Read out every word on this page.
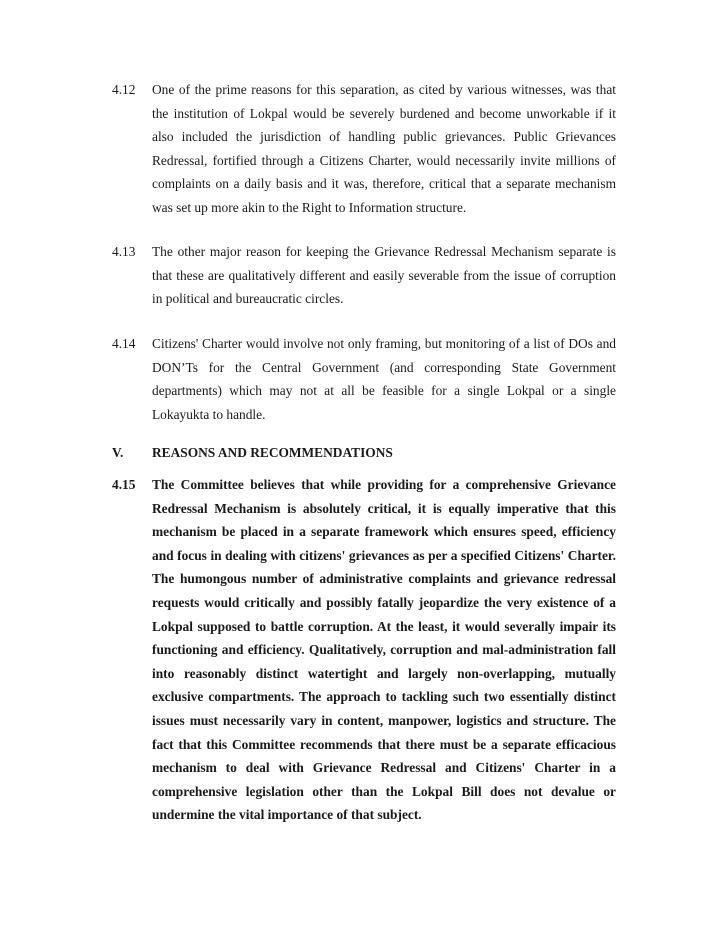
4.12 One of the prime reasons for this separation, as cited by various witnesses, was that
the institution of Lokpal would be severely burdened and become unworkable if it
also included the jurisdiction of handling public grievances. Public Grievances
Redressal, fortified through a Citizens Charter, would necessarily invite millions of
complaints on a daily basis and it was, therefore, critical that a separate mechanism
was set up more akin to the Right to Information structure.
4.13 The other major reason for keeping the Grievance Redressal Mechanism separate is
that these are qualitatively different and easily severable from the issue of corruption
in political and bureaucratic circles.
4.14 Citizens' Charter would involve not only framing, but monitoring of a list of DOs and
DON’Ts for the Central Government (and corresponding State Government
departments) which may not at all be feasible for a single Lokpal or a single
Lokayukta to handle.
V. REASONS AND RECOMMENDATIONS
4.15 The Committee believes that while providing for a comprehensive Grievance
Redressal Mechanism is absolutely critical, it is equally imperative that this
mechanism be placed in a separate framework which ensures speed, efficiency
and focus in dealing with citizens' grievances as per a specified Citizens' Charter.
The humongous number of administrative complaints and grievance redressal
requests would critically and possibly fatally jeopardize the very existence of a
Lokpal supposed to battle corruption. At the least, it would severally impair its
functioning and efficiency. Qualitatively, corruption and mal-administration fall
into reasonably distinct watertight and largely non-overlapping, mutually
exclusive compartments. The approach to tackling such two essentially distinct
issues must necessarily vary in content, manpower, logistics and structure. The
fact that this Committee recommends that there must be a separate efficacious
mechanism to deal with Grievance Redressal and Citizens' Charter in a
comprehensive legislation other than the Lokpal Bill does not devalue or
undermine the vital importance of that subject.
